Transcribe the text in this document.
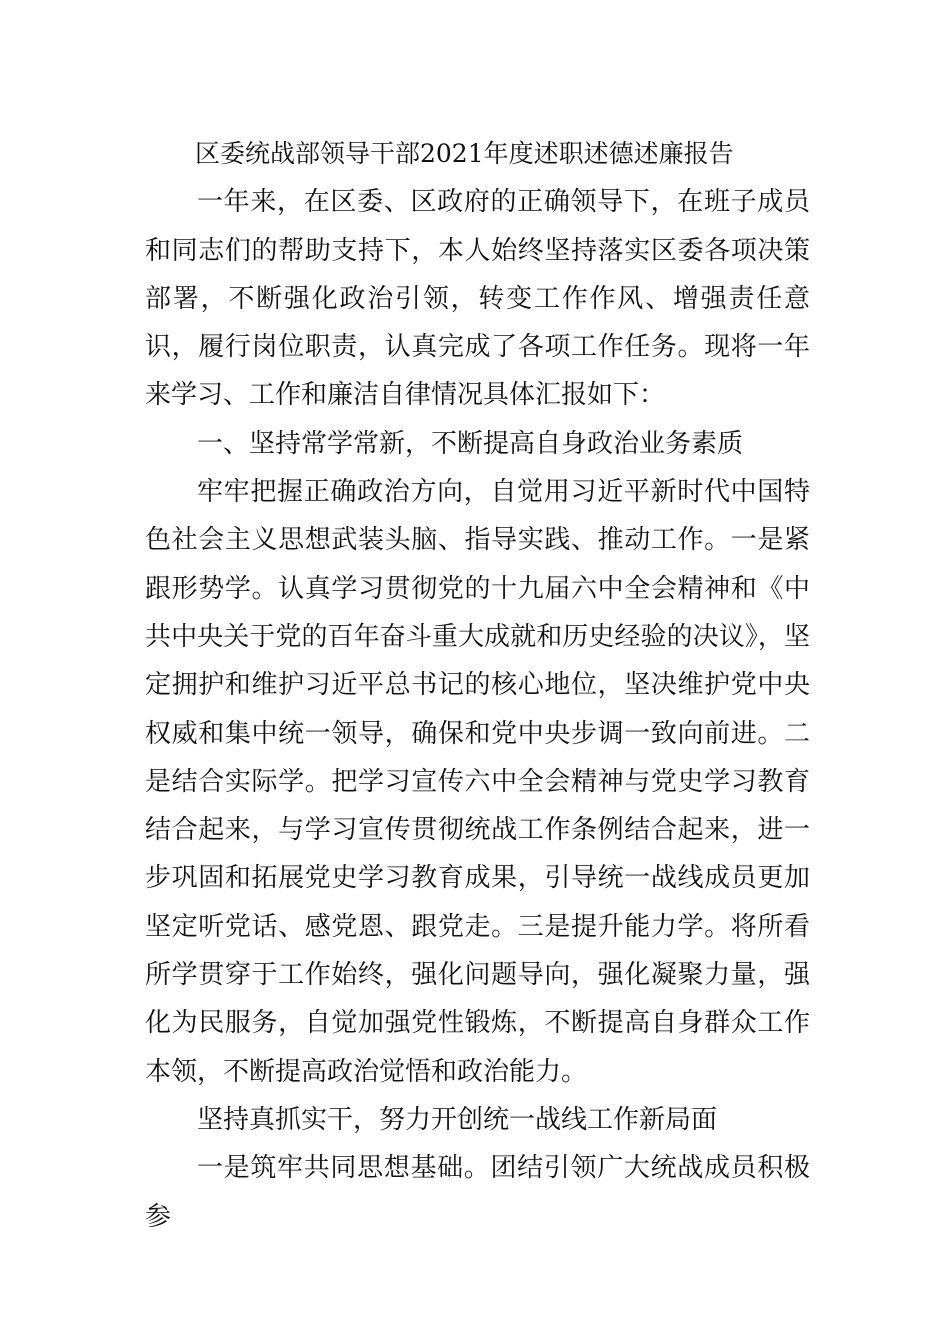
区委统战部领导干部2021年度述职述德述廉报告

一年来，在区委、区政府的正确领导下，在班子成员和同志们的帮助支持下，本人始终坚持落实区委各项决策部署，不断强化政治引领，转变工作作风、增强责任意识，履行岗位职责，认真完成了各项工作任务。现将一年来学习、工作和廉洁自律情况具体汇报如下：

一、坚持常学常新，不断提高自身政治业务素质

牢牢把握正确政治方向，自觉用习近平新时代中国特色社会主义思想武装头脑、指导实践、推动工作。一是紧跟形势学。认真学习贯彻党的十九届六中全会精神和《中共中央关于党的百年奋斗重大成就和历史经验的决议》，坚定拥护和维护习近平总书记的核心地位，坚决维护党中央权威和集中统一领导，确保和党中央步调一致向前进。二是结合实际学。把学习宣传六中全会精神与党史学习教育结合起来，与学习宣传贯彻统战工作条例结合起来，进一步巩固和拓展党史学习教育成果，引导统一战线成员更加坚定听党话、感党恩、跟党走。三是提升能力学。将所看所学贯穿于工作始终，强化问题导向，强化凝聚力量，强化为民服务，自觉加强党性锻炼，不断提高自身群众工作本领，不断提高政治觉悟和政治能力。

坚持真抓实干，努力开创统一战线工作新局面

一是筑牢共同思想基础。团结引领广大统战成员积极参
